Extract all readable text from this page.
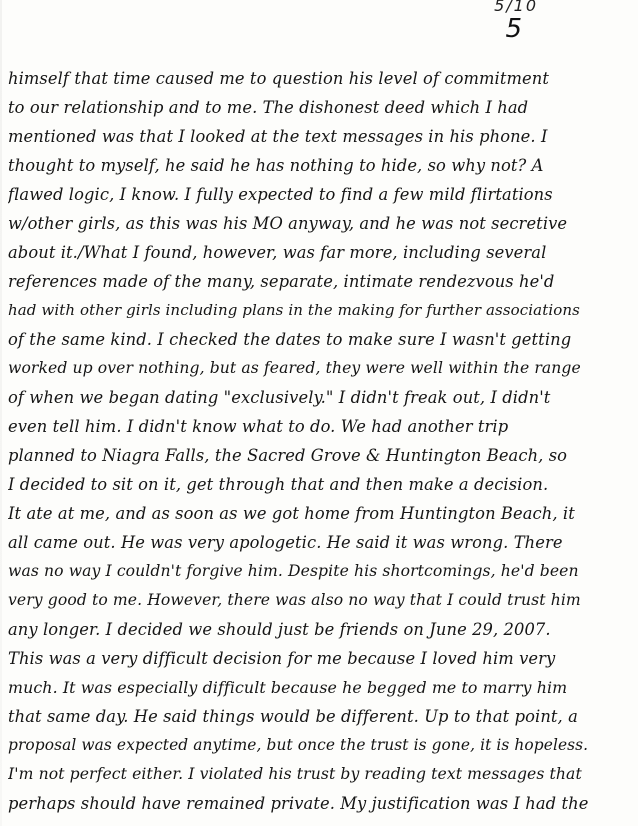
5/10
5
himself that time caused me to question his level of commitment
to our relationship and to me. The dishonest deed which I had
mentioned was that I looked at the text messages in his phone. I
thought to myself, he said he has nothing to hide, so why not? A
flawed logic, I know. I fully expected to find a few mild flirtations
w/other girls, as this was his MO anyway, and he was not secretive
about it./What I found, however, was far more, including several
references made of the many, separate, intimate rendezvous he'd
had with other girls including plans in the making for further associations
of the same kind. I checked the dates to make sure I wasn't getting
worked up over nothing, but as feared, they were well within the range
of when we began dating "exclusively." I didn't freak out, I didn't
even tell him. I didn't know what to do. We had another trip
planned to Niagra Falls, the Sacred Grove & Huntington Beach, so
I decided to sit on it, get through that and then make a decision.
It ate at me, and as soon as we got home from Huntington Beach, it
all came out. He was very apologetic. He said it was wrong. There
was no way I couldn't forgive him. Despite his shortcomings, he'd been
very good to me. However, there was also no way that I could trust him
any longer. I decided we should just be friends on June 29, 2007.
This was a very difficult decision for me because I loved him very
much. It was especially difficult because he begged me to marry him
that same day. He said things would be different. Up to that point, a
proposal was expected anytime, but once the trust is gone, it is hopeless.
I'm not perfect either. I violated his trust by reading text messages that
perhaps should have remained private. My justification was I had the
